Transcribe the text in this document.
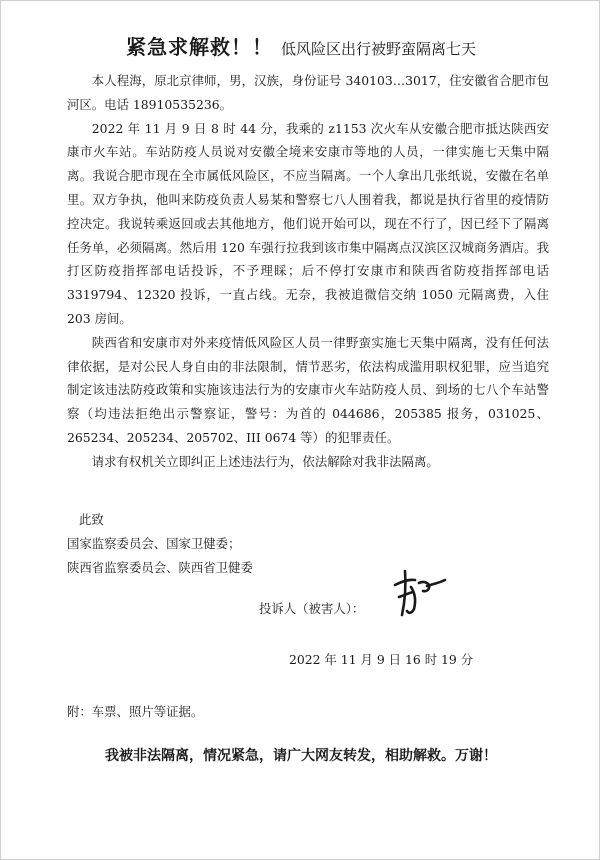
紧急求解救！！ 低风险区出行被野蛮隔离七天

本人程海，原北京律师，男，汉族，身份证号 340103…3017，住安徽省合肥市包河区。电话 18910535236。

2022 年 11 月 9 日 8 时 44 分，我乘的 z1153 次火车从安徽合肥市抵达陕西安康市火车站。车站防疫人员说对安徽全境来安康市等地的人员，一律实施七天集中隔离。我说合肥市现在全市属低风险区，不应当隔离。一个人拿出几张纸说，安徽在名单里。双方争执，他叫来防疫负责人易某和警察七八人围着我，都说是执行省里的疫情防控决定。我说转乘返回或去其他地方，他们说开始可以，现在不行了，因已经下了隔离任务单，必须隔离。然后用 120 车强行拉我到该市集中隔离点汉滨区汉城商务酒店。我打区防疫指挥部电话投诉，不予理睬；后不停打安康市和陕西省防疫指挥部电话 3319794、12320 投诉，一直占线。无奈，我被追微信交纳 1050 元隔离费，入住 203 房间。

陕西省和安康市对外来疫情低风险区人员一律野蛮实施七天集中隔离，没有任何法律依据，是对公民人身自由的非法限制，情节恶劣，依法构成滥用职权犯罪，应当追究制定该违法防疫政策和实施该违法行为的安康市火车站防疫人员、到场的七八个车站警察（均违法拒绝出示警察证，警号：为首的 044686，205385 报务，031025、265234、205234、205702、III 0674 等）的犯罪责任。

请求有权机关立即纠正上述违法行为，依法解除对我非法隔离。

此致
国家监察委员会、国家卫健委；
陕西省监察委员会、陕西省卫健委
投诉人（被害人）：
2022 年 11 月 9 日 16 时 19 分
附：车票、照片等证据。
我被非法隔离，情况紧急，请广大网友转发，相助解救。万谢！
